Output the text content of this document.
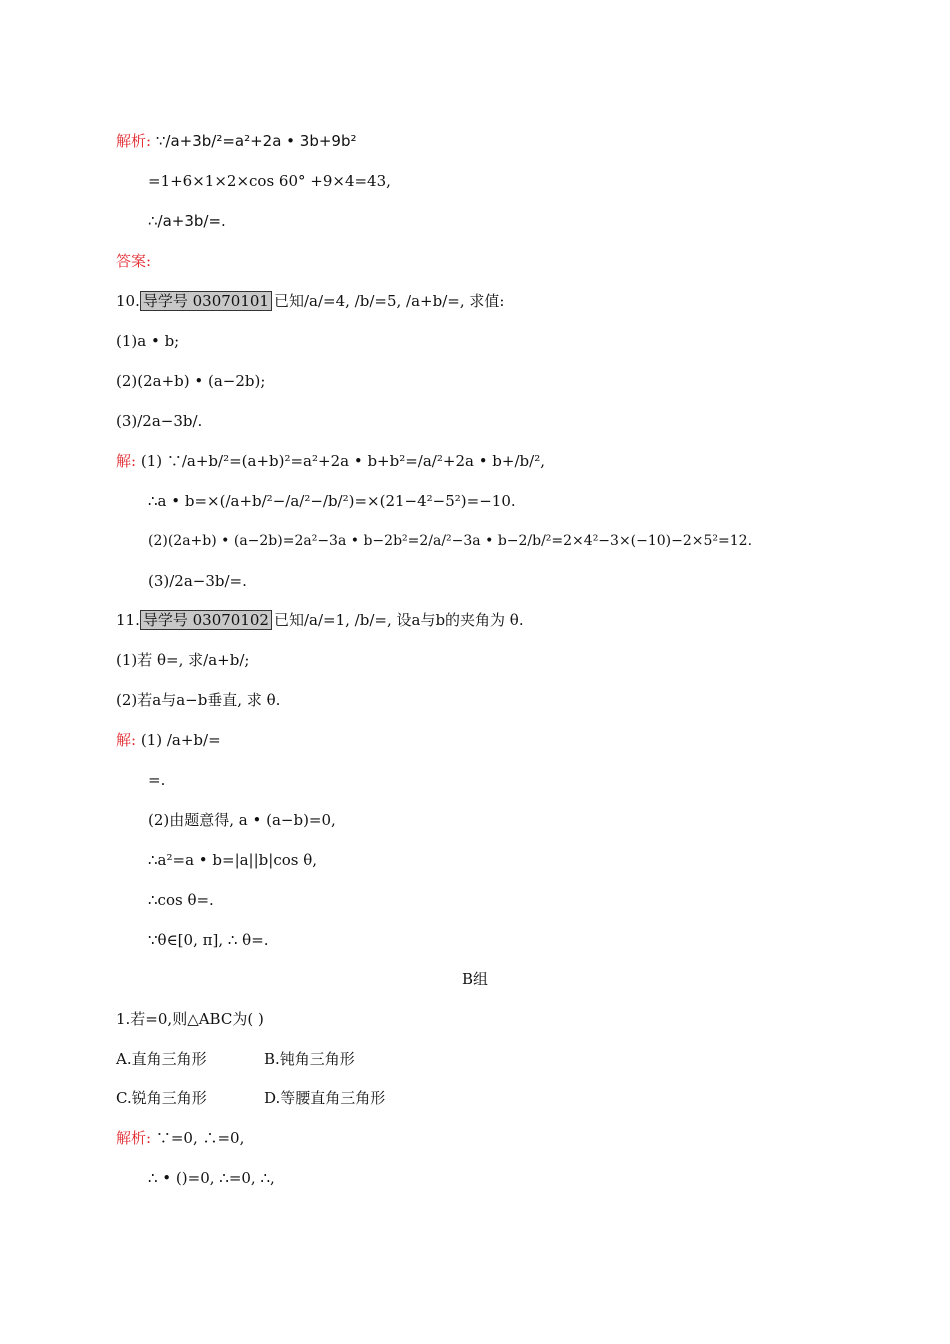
解析: ∵/a+3b/²=a²+2a • 3b+9b²
=1+6×1×2×cos 60° +9×4=43,
∴/a+3b/=.
答案:
10. 导学号 03070101 已知/a/=4, /b/=5, /a+b/=, 求值:
(1)a • b;
(2)(2a+b) • (a−2b);
(3)/2a−3b/.
解: (1) ∵/a+b/²=(a+b)²=a²+2a • b+b²=/a/²+2a • b+/b/²,
∴a • b=×(/a+b/²−/a/²−/b/²)=×(21−4²−5²)=−10.
(2)(2a+b) • (a−2b)=2a²−3a • b−2b²=2/a/²−3a • b−2/b/²=2×4²−3×(−10)−2×5²=12.
(3)/2a−3b/=.
11. 导学号 03070102 已知/a/=1, /b/=, 设a与b的夹角为 θ.
(1)若 θ=, 求/a+b/;
(2)若a与a−b垂直, 求 θ.
解: (1) /a+b/=
=.
(2)由题意得, a • (a−b)=0,
∴a²=a • b=|a||b|cos θ,
∴cos θ=.
∵θ∈[0, π], ∴ θ=.
B组
1.若=0,则△ABC为( )
A.直角三角形	B.钝角三角形
C.锐角三角形	D.等腰直角三角形
解析: ∵=0, ∴=0,
∴ • ()=0, ∴=0, ∴,
